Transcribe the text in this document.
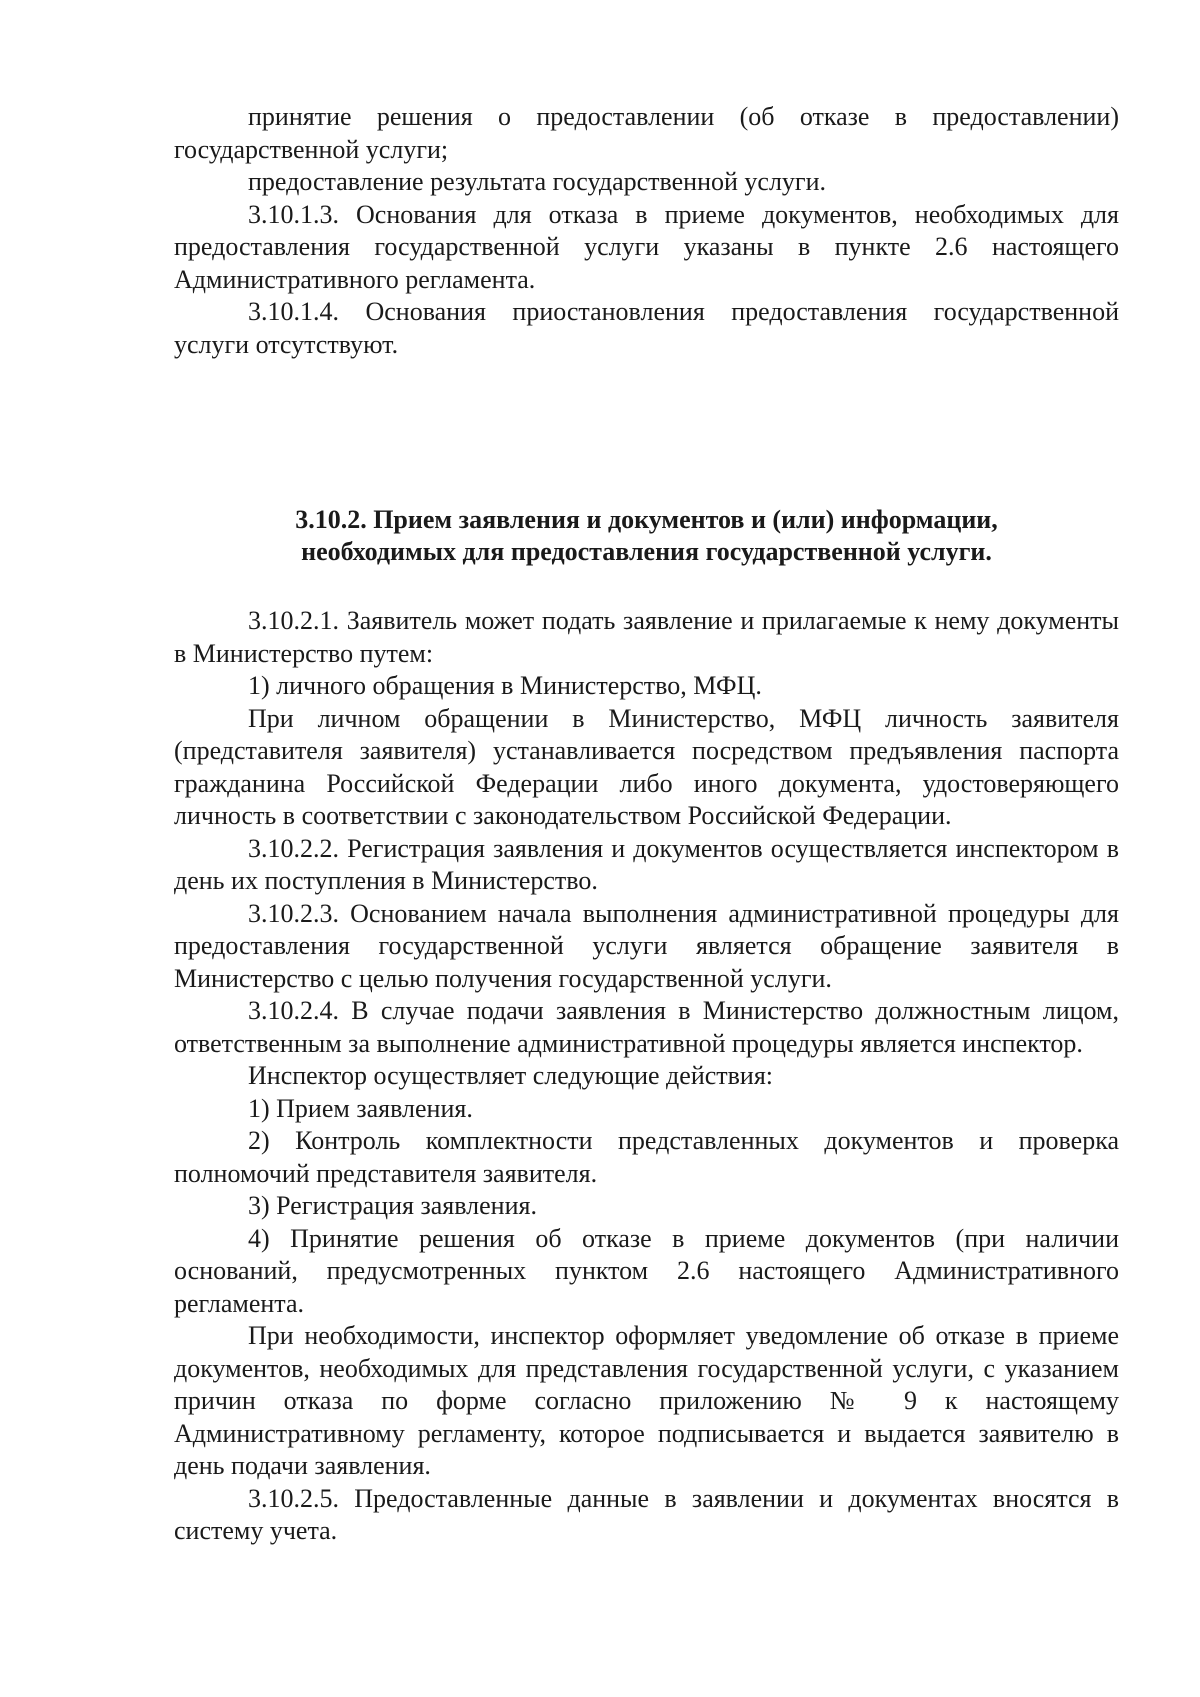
принятие решения о предоставлении (об отказе в предоставлении) государственной услуги;

предоставление результата государственной услуги.

3.10.1.3. Основания для отказа в приеме документов, необходимых для предоставления государственной услуги указаны в пункте 2.6 настоящего Административного регламента.

3.10.1.4. Основания приостановления предоставления государственной услуги отсутствуют.

3.10.2. Прием заявления и документов и (или) информации,
необходимых для предоставления государственной услуги.

3.10.2.1. Заявитель может подать заявление и прилагаемые к нему документы в Министерство путем:

1) личного обращения в Министерство, МФЦ.

При личном обращении в Министерство, МФЦ личность заявителя (представителя заявителя) устанавливается посредством предъявления паспорта гражданина Российской Федерации либо иного документа, удостоверяющего личность в соответствии с законодательством Российской Федерации.

3.10.2.2. Регистрация заявления и документов осуществляется инспектором в день их поступления в Министерство.

3.10.2.3. Основанием начала выполнения административной процедуры для предоставления государственной услуги является обращение заявителя в Министерство с целью получения государственной услуги.

3.10.2.4. В случае подачи заявления в Министерство должностным лицом, ответственным за выполнение административной процедуры является инспектор.

Инспектор осуществляет следующие действия:

1) Прием заявления.

2) Контроль комплектности представленных документов и проверка полномочий представителя заявителя.

3) Регистрация заявления.

4) Принятие решения об отказе в приеме документов (при наличии оснований, предусмотренных пунктом 2.6 настоящего Административного регламента.

При необходимости, инспектор оформляет уведомление об отказе в приеме документов, необходимых для представления государственной услуги, с указанием причин отказа по форме согласно приложению № 9 к настоящему Административному регламенту, которое подписывается и выдается заявителю в день подачи заявления.

3.10.2.5. Предоставленные данные в заявлении и документах вносятся в систему учета.
